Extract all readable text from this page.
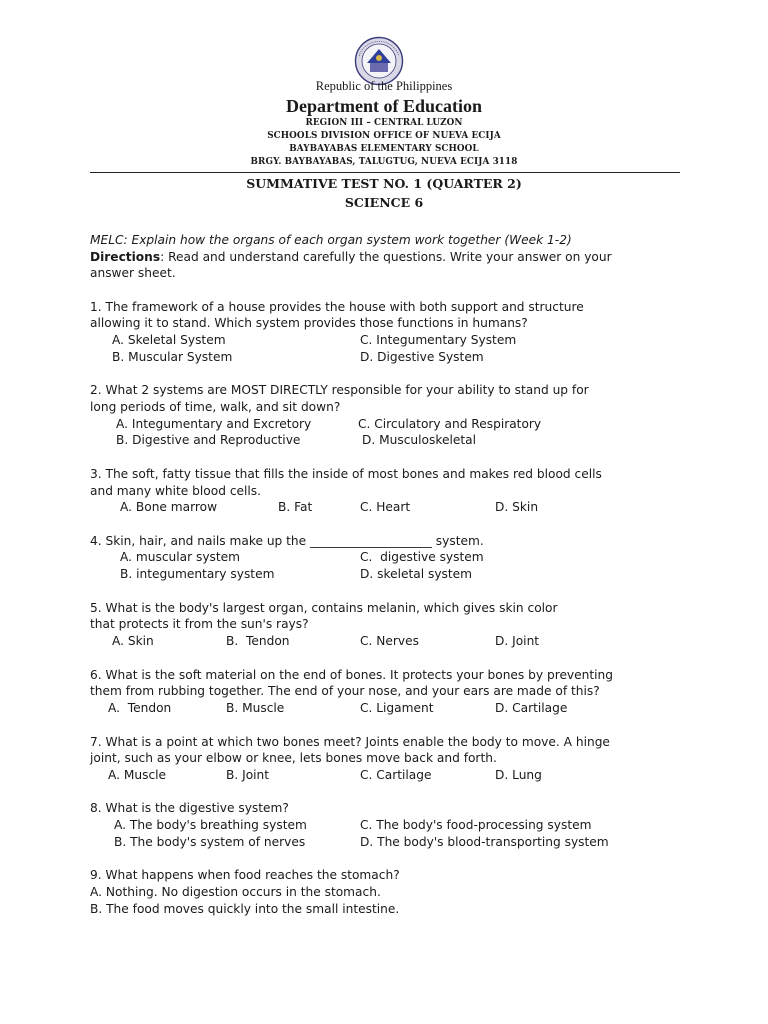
Republic of the Philippines
Department of Education
REGION III – CENTRAL LUZON
SCHOOLS DIVISION OFFICE OF NUEVA ECIJA
BAYBAYABAS ELEMENTARY SCHOOL
BRGY. BAYBAYABAS, TALUGTUG, NUEVA ECIJA 3118
SUMMATIVE TEST NO. 1 (QUARTER 2)
SCIENCE 6

MELC: Explain how the organs of each organ system work together (Week 1-2)

Directions: Read and understand carefully the questions. Write your answer on your

answer sheet.

1. The framework of a house provides the house with both support and structure

allowing it to stand. Which system provides those functions in humans?

A. Skeletal System	C. Integumentary System
B. Muscular System	D. Digestive System

2. What 2 systems are MOST DIRECTLY responsible for your ability to stand up for

long periods of time, walk, and sit down?

A. Integumentary and Excretory	C. Circulatory and Respiratory
B. Digestive and Reproductive	D. Musculoskeletal

3. The soft, fatty tissue that fills the inside of most bones and makes red blood cells

and many white blood cells.

A. Bone marrow	B. Fat	C. Heart	D. Skin

4. Skin, hair, and nails make up the ____________________ system.

A. muscular system	C.  digestive system
B. integumentary system	D. skeletal system

5. What is the body's largest organ, contains melanin, which gives skin color

that protects it from the sun's rays?

A. Skin	B.  Tendon	C. Nerves	D. Joint

6. What is the soft material on the end of bones. It protects your bones by preventing

them from rubbing together. The end of your nose, and your ears are made of this?

A.  Tendon	B. Muscle	C. Ligament	D. Cartilage

7. What is a point at which two bones meet? Joints enable the body to move. A hinge

joint, such as your elbow or knee, lets bones move back and forth.

A. Muscle	B. Joint	C. Cartilage	D. Lung

8. What is the digestive system?

A. The body's breathing system	C. The body's food-processing system
B. The body's system of nerves	D. The body's blood-transporting system

9. What happens when food reaches the stomach?

A. Nothing. No digestion occurs in the stomach.

B. The food moves quickly into the small intestine.
